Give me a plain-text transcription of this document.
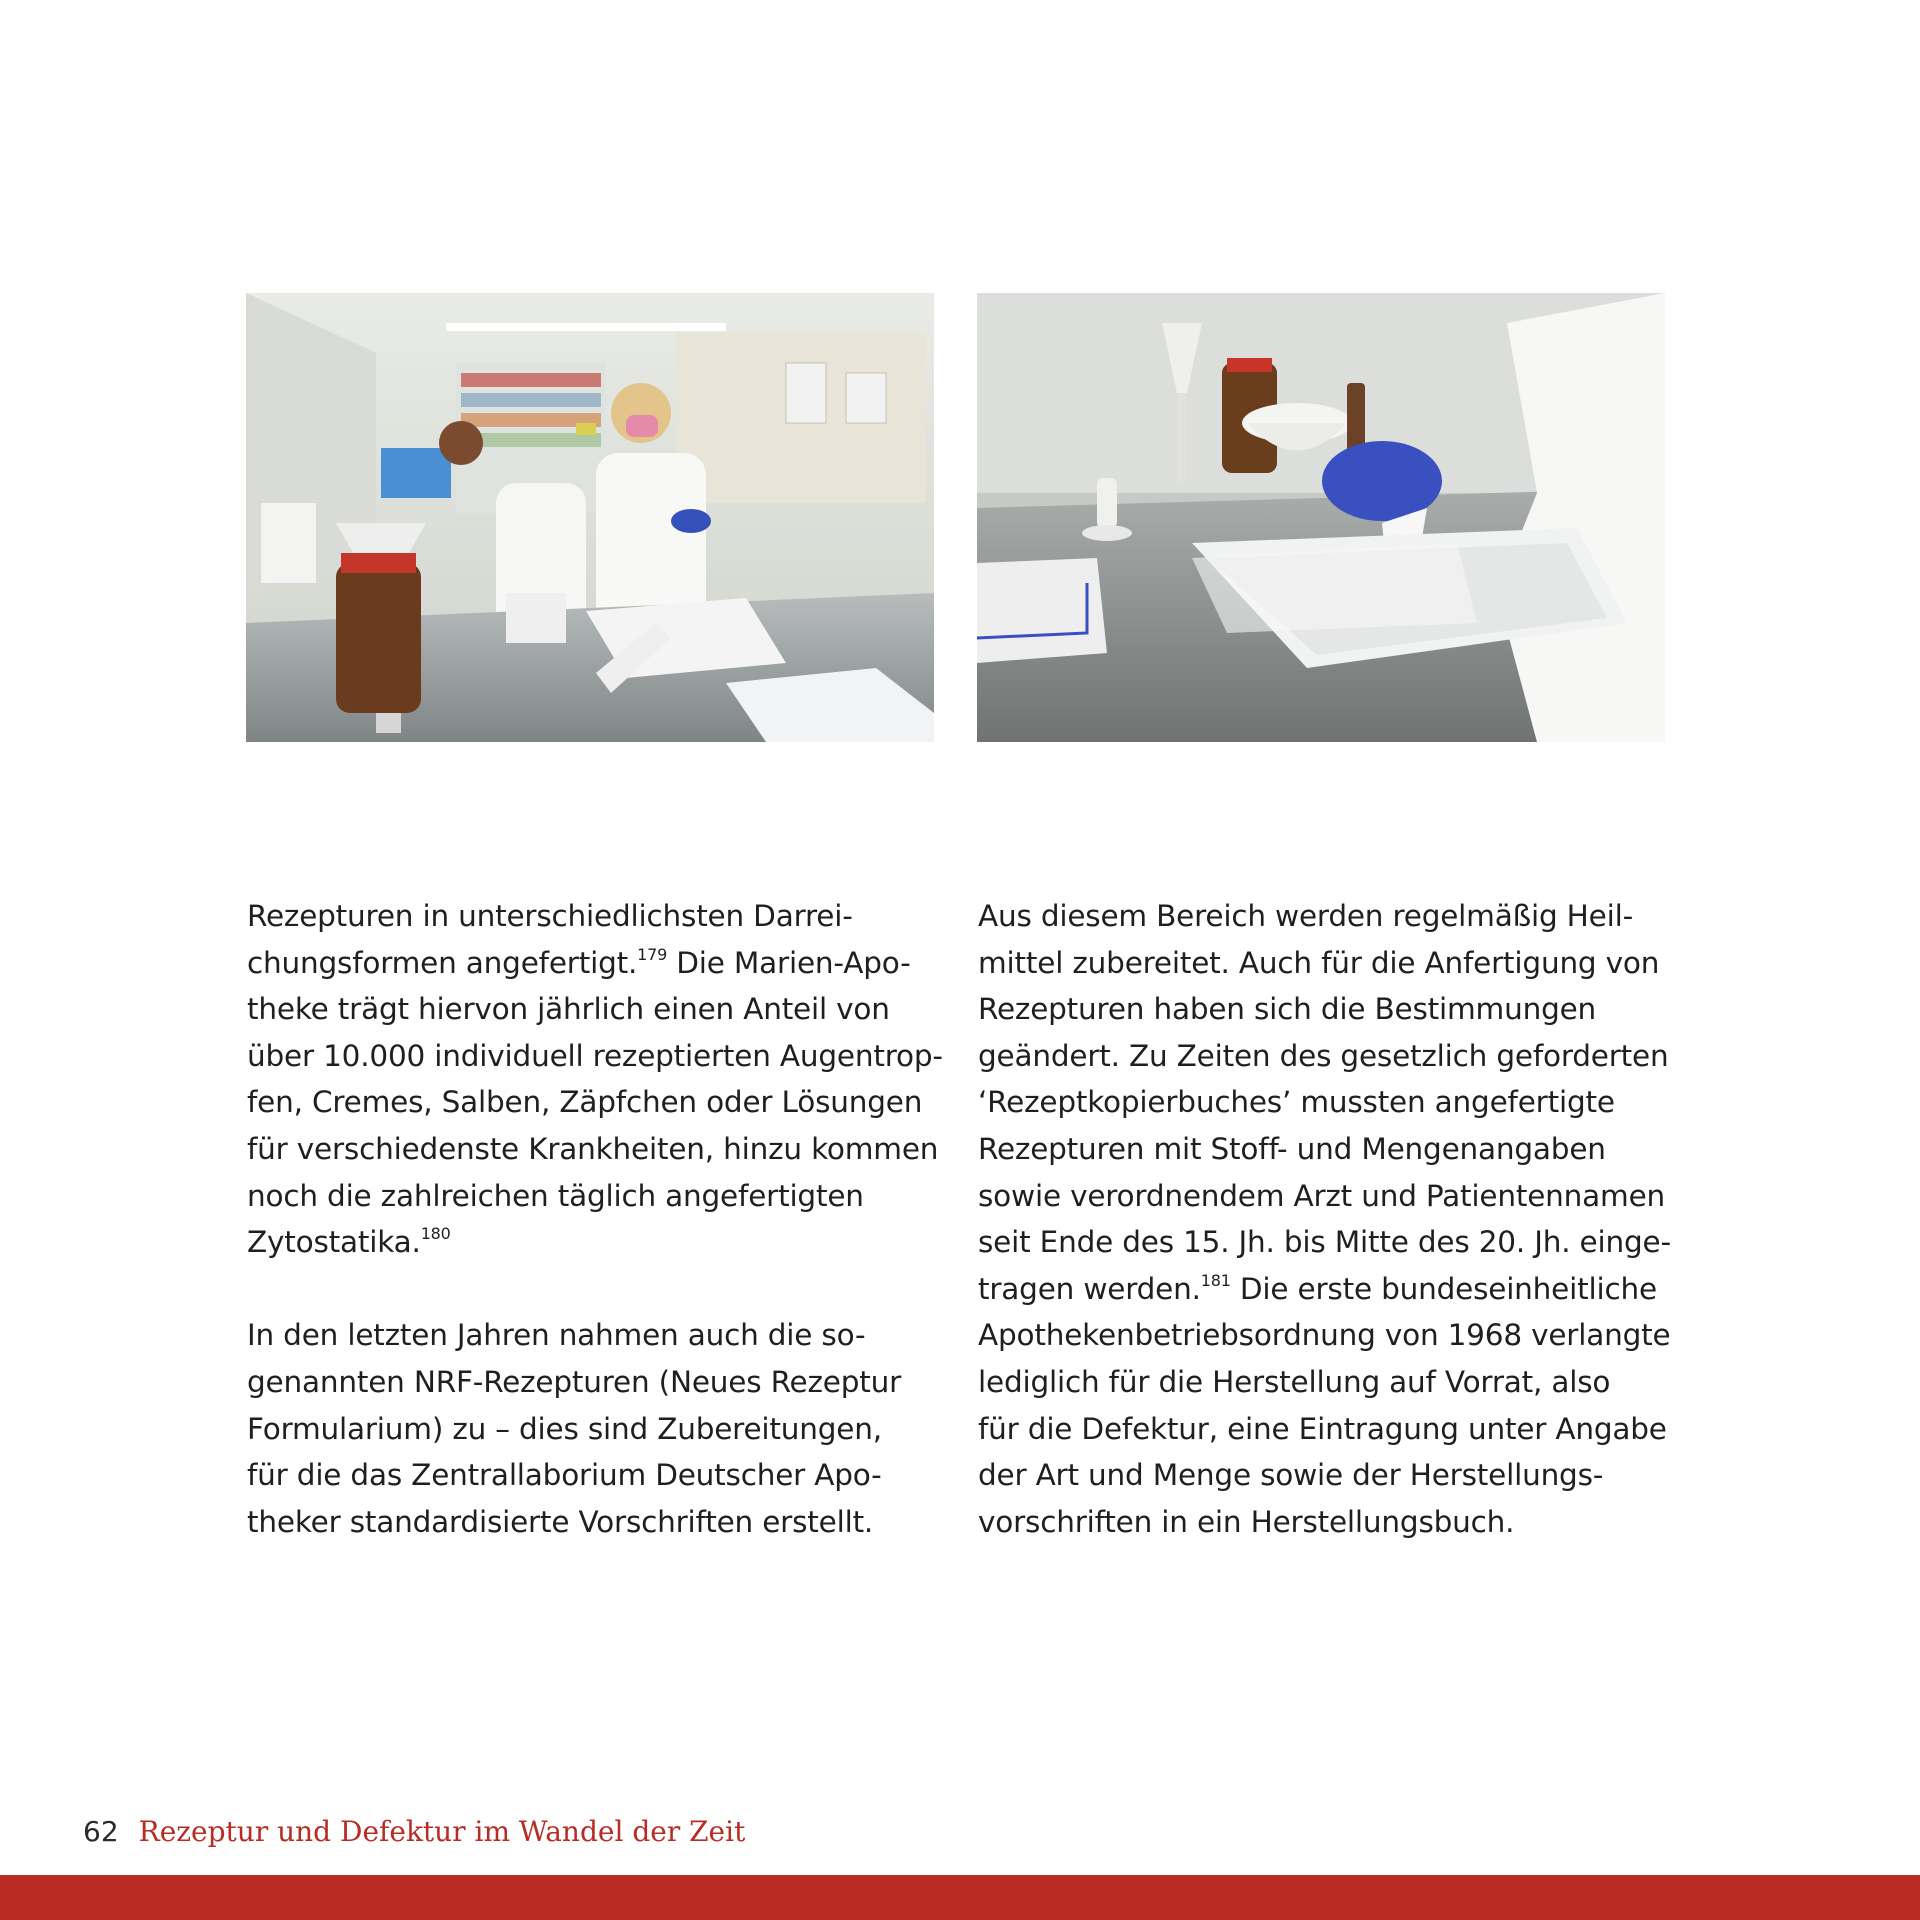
Rezepturen in unterschiedlichsten Darrei-
chungsformen angefertigt.$^{179}$ Die Marien-Apo-
theke trägt hiervon jährlich einen Anteil von
über 10.000 individuell rezeptierten Augentrop-
fen, Cremes, Salben, Zäpfchen oder Lösungen
für verschiedenste Krankheiten, hinzu kommen
noch die zahlreichen täglich angefertigten
Zytostatika.$^{180}$

In den letzten Jahren nahmen auch die so-
genannten NRF-Rezepturen (Neues Rezeptur
Formularium) zu – dies sind Zubereitungen,
für die das Zentrallaborium Deutscher Apo-
theker standardisierte Vorschriften erstellt.

Aus diesem Bereich werden regelmäßig Heil-
mittel zubereitet. Auch für die Anfertigung von
Rezepturen haben sich die Bestimmungen
geändert. Zu Zeiten des gesetzlich geforderten
‘Rezeptkopierbuches’ mussten angefertigte
Rezepturen mit Stoff- und Mengenangaben
sowie verordnendem Arzt und Patientennamen
seit Ende des 15. Jh. bis Mitte des 20. Jh. einge-
tragen werden.$^{181}$ Die erste bundeseinheitliche
Apothekenbetriebsordnung von 1968 verlangte
lediglich für die Herstellung auf Vorrat, also
für die Defektur, eine Eintragung unter Angabe
der Art und Menge sowie der Herstellungs-
vorschriften in ein Herstellungsbuch.

62 Rezeptur und Defektur im Wandel der Zeit
